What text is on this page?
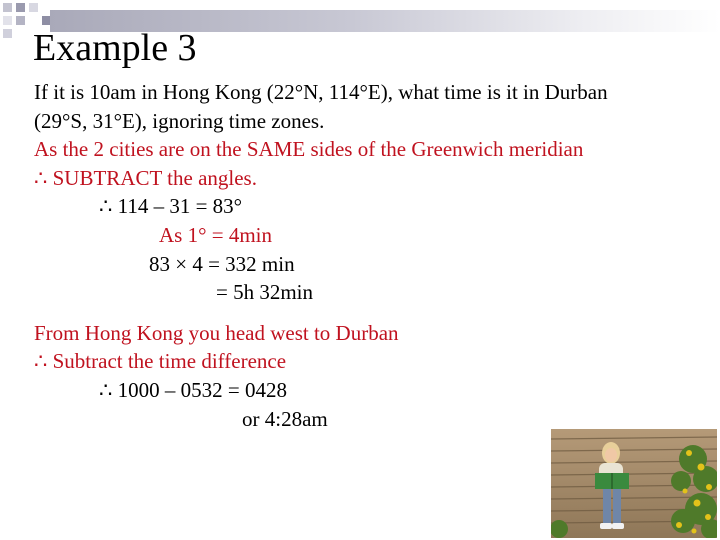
Example 3
If it is 10am in Hong Kong (22°N, 114°E), what time is it in Durban
(29°S, 31°E), ignoring time zones.
As the 2 cities are on the SAME sides of the Greenwich meridian
∴ SUBTRACT the angles.
∴ 114 – 31 = 83°
As 1° = 4min
83 × 4 = 332 min
= 5h 32min
From Hong Kong you head west to Durban
∴ Subtract the time difference
∴ 1000 – 0532 = 0428
or 4:28am
